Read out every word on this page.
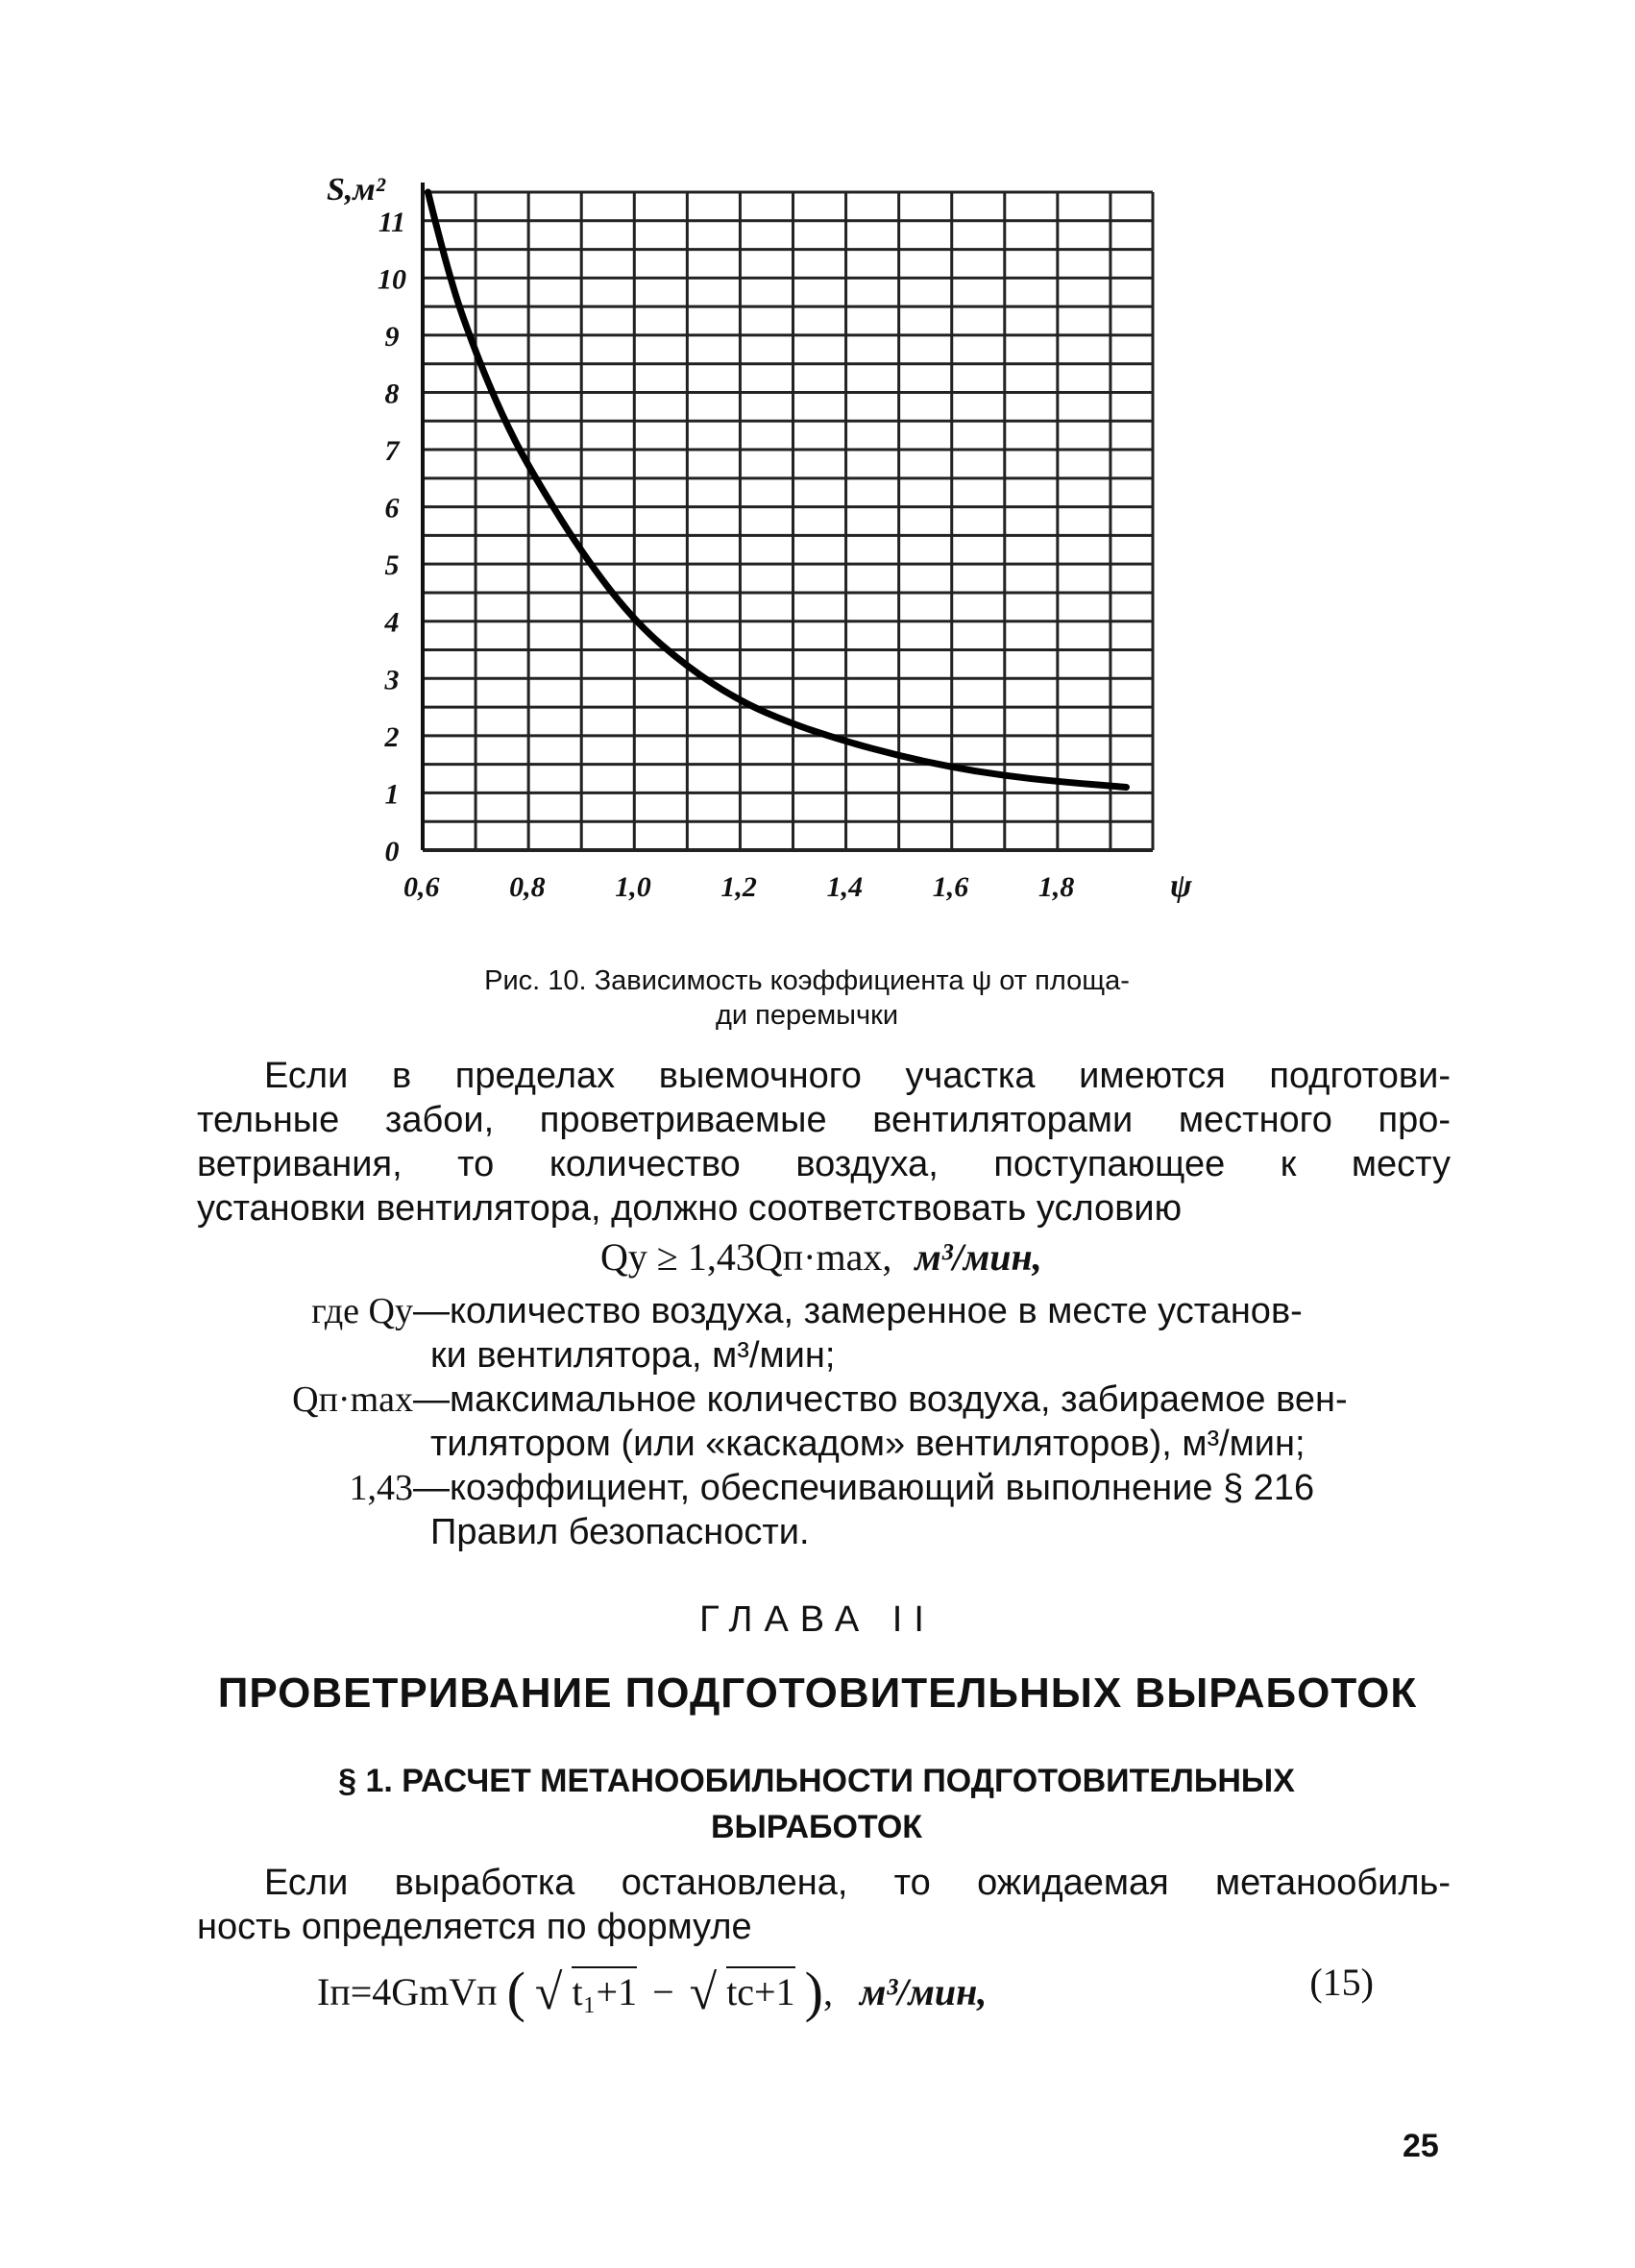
0
1
2
3
4
5
6
7
8
9
10
11
0,6 0,8 1,0 1,2 1,4 1,6 1,8	ψ
S,м²
Рис. 10. Зависимость коэффициента ψ от площа-
ди перемычки
Если в пределах выемочного участка имеются подготови-
тельные забои, проветриваемые вентиляторами местного про-
ветривания, то количество воздуха, поступающее к месту
установки вентилятора, должно соответствовать условию
Qу ≥ 1,43Qп·max, м³/мин,
где Qу—количество воздуха, замеренное в месте установ-
ки вентилятора, м³/мин;
Qп·max—максимальное количество воздуха, забираемое вен-
тилятором (или «каскадом» вентиляторов), м³/мин;
1,43—коэффициент, обеспечивающий выполнение § 216
Правил безопасности.
ГЛАВА II
ПРОВЕТРИВАНИЕ ПОДГОТОВИТЕЛЬНЫХ ВЫРАБОТОК
§ 1. РАСЧЕТ МЕТАНООБИЛЬНОСТИ ПОДГОТОВИТЕЛЬНЫХ
ВЫРАБОТОК
Если выработка остановлена, то ожидаемая метанообиль-
ность определяется по формуле
Iп=4GmVп ( √ t₁+1 − √ tс+1 ), м³/мин,	(15)
25
